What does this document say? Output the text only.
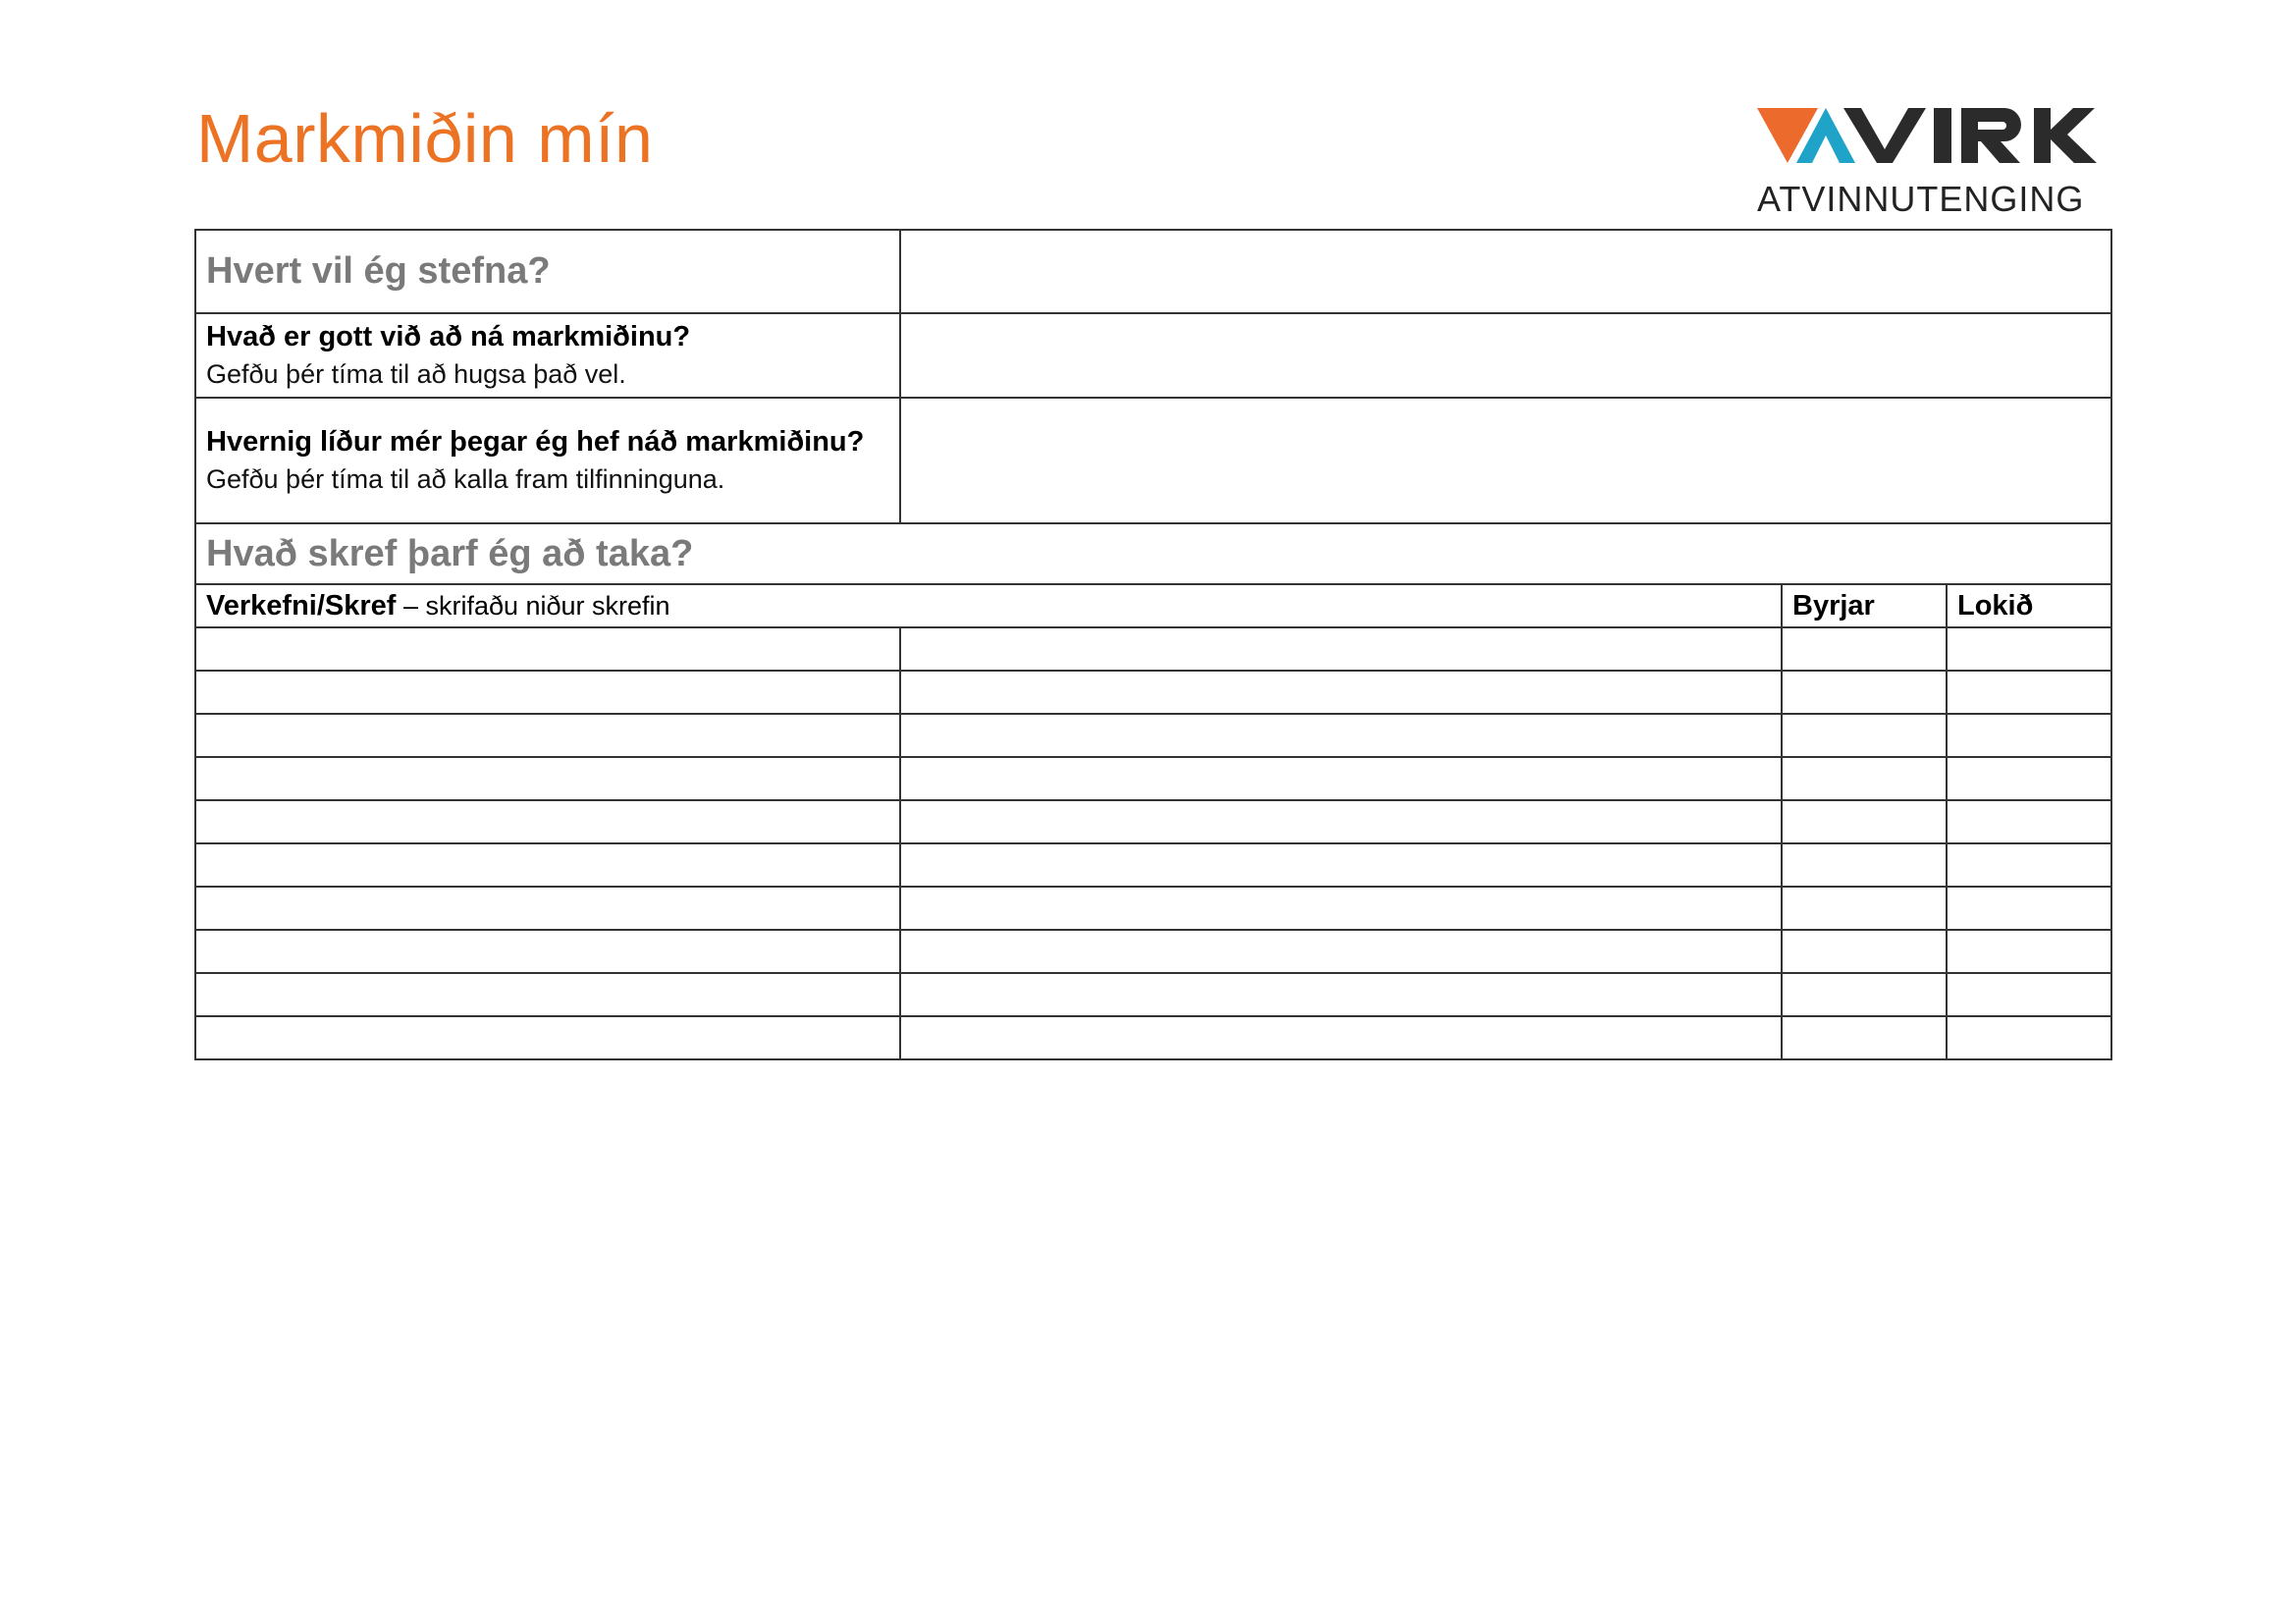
Markmiðin mín
ATVINNUTENGING
Hvert vil ég stefna?			

Hvað er gott við að ná markmiðinu?
Gefðu þér tíma til að hugsa það vel.			

Hvernig líður mér þegar ég hef náð markmiðinu?
Gefðu þér tíma til að kalla fram tilfinninguna.			

Hvað skref þarf ég að taka?			
Verkefni/Skref – skrifaðu niður skrefin		Byrjar	Lokið
